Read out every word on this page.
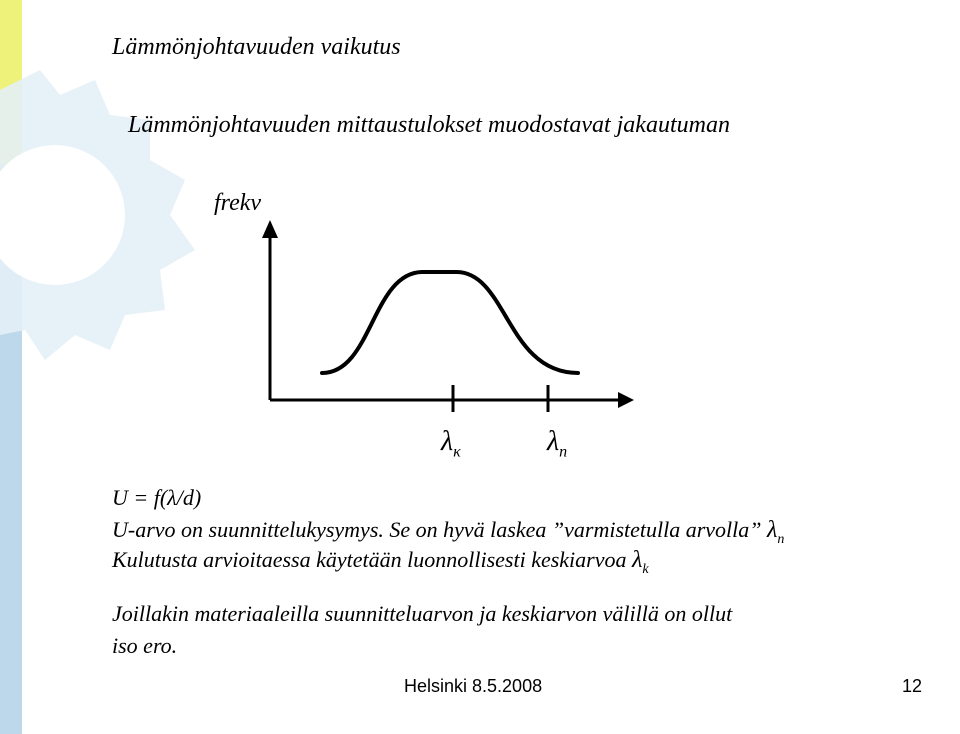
Lämmönjohtavuuden vaikutus
Lämmönjohtavuuden mittaustulokset muodostavat jakautuman
frekv
$\lambda_\kappa$	$\lambda_n$
U = f(λ/d)
U-arvo on suunnittelukysymys. Se on hyvä laskea ”varmistetulla arvolla” $\lambda_n$
Kulutusta arvioitaessa käytetään luonnollisesti keskiarvoa $\lambda_k$
Joillakin materiaaleilla suunnitteluarvon ja keskiarvon välillä on ollut
iso ero.
Helsinki 8.5.2008	12
